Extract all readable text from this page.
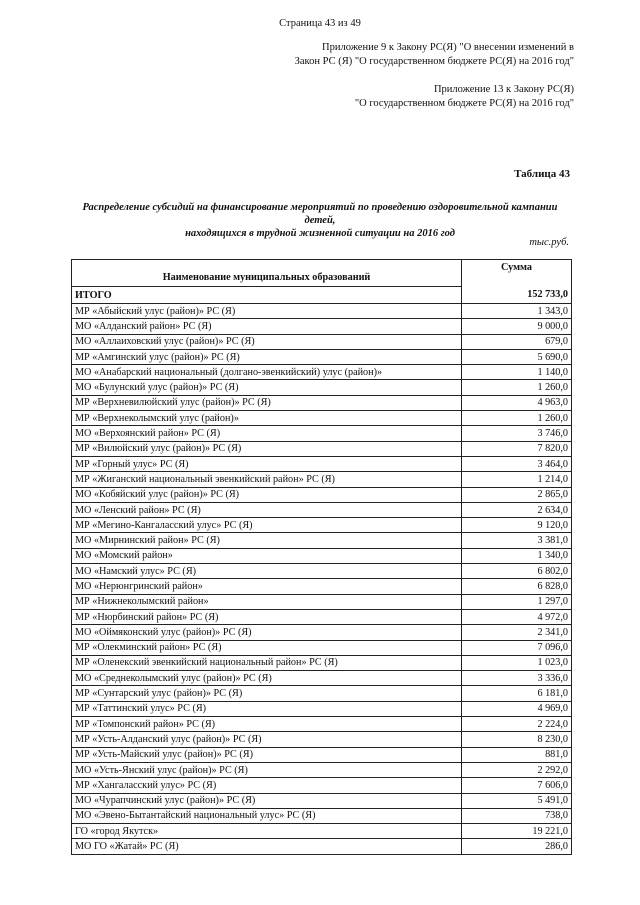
Страница 43 из 49
Приложение 9 к Закону РС(Я) "О внесении изменений в
Закон РС (Я) "О государственном бюджете РС(Я) на 2016 год"
Приложение 13 к Закону РС(Я)
"О государственном бюджете РС(Я) на 2016 год"
Таблица 43
Распределение субсидий на финансирование мероприятий по проведению оздоровительной кампании детей,
находящихся в трудной жизненной ситуации на 2016 год
тыс.руб.
Наименование муниципальных образований	Сумма
ИТОГО	152 733,0
МР «Абыйский улус (район)» РС (Я)	1 343,0
МО «Алданский район» РС (Я)	9 000,0
МО «Аллаиховский улус (район)» РС (Я)	679,0
МР «Амгинский улус (район)» РС (Я)	5 690,0
МО «Анабарский национальный (долгано-эвенкийский) улус (район)»	1 140,0
МО «Булунский улус (район)» РС (Я)	1 260,0
МР «Верхневилюйский улус (район)» РС (Я)	4 963,0
МР «Верхнеколымский улус (район)»	1 260,0
МО «Верхоянский район» РС (Я)	3 746,0
МР «Вилюйский улус (район)» РС (Я)	7 820,0
МР «Горный улус» РС (Я)	3 464,0
МР «Жиганский национальный эвенкийский район» РС (Я)	1 214,0
МО «Кобяйский улус (район)» РС (Я)	2 865,0
МО «Ленский район» РС (Я)	2 634,0
МР «Мегино-Кангаласский улус» РС (Я)	9 120,0
МО «Мирнинский район» РС (Я)	3 381,0
МО «Момский район»	1 340,0
МО «Намский улус» РС (Я)	6 802,0
МО «Нерюнгринский район»	6 828,0
МР «Нижнеколымский район»	1 297,0
МР «Нюрбинский район» РС (Я)	4 972,0
МО «Оймяконский улус (район)» РС (Я)	2 341,0
МР «Олекминский район» РС (Я)	7 096,0
МР «Оленекский эвенкийский национальный район» РС (Я)	1 023,0
МО «Среднеколымский улус (район)» РС (Я)	3 336,0
МР «Сунтарский улус (район)» РС (Я)	6 181,0
МР «Таттинский улус» РС (Я)	4 969,0
МР «Томпонский район» РС (Я)	2 224,0
МР «Усть-Алданский улус (район)» РС (Я)	8 230,0
МР «Усть-Майский улус (район)» РС (Я)	881,0
МО «Усть-Янский улус (район)» РС (Я)	2 292,0
МР «Хангаласский улус» РС (Я)	7 606,0
МО «Чурапчинский улус (район)» РС (Я)	5 491,0
МО «Эвено-Бытантайский национальный улус» РС (Я)	738,0
ГО «город Якутск»	19 221,0
МО ГО «Жатай» РС (Я)	286,0
